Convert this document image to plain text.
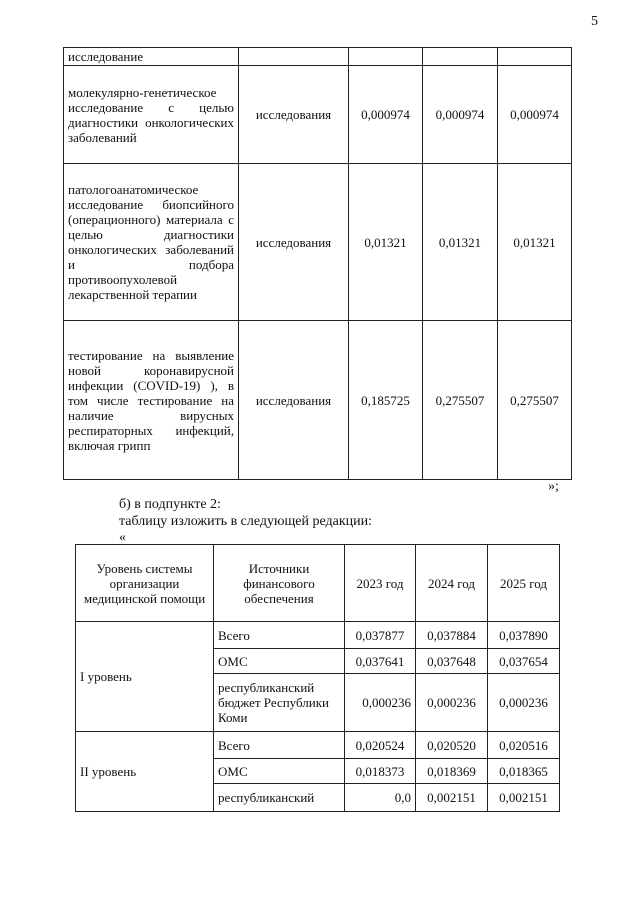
5
исследование				
молекулярно-генетическое исследование с целью диагностики онкологических заболеваний	исследования	0,000974	0,000974	0,000974
патологоанатомическое исследование биопсийного (операционного) материала с целью диагностики онкологических заболеваний и подбора противоопухолевой лекарственной терапии	исследования	0,01321	0,01321	0,01321
тестирование на выявление новой коронавирусной инфекции (COVID-19) ), в том числе тестирование на наличие вирусных респираторных инфекций, включая грипп	исследования	0,185725	0,275507	0,275507
»;
б) в подпункте 2:
таблицу изложить в следующей редакции:
«
Уровень системы организации медицинской помощи	Источники финансового обеспечения	2023 год	2024 год	2025 год
I уровень	Всего	0,037877	0,037884	0,037890
	ОМС	0,037641	0,037648	0,037654
	республиканский бюджет Республики Коми	0,000236	0,000236	0,000236
II уровень	Всего	0,020524	0,020520	0,020516
	ОМС	0,018373	0,018369	0,018365
	республиканский	0,0	0,002151	0,002151
